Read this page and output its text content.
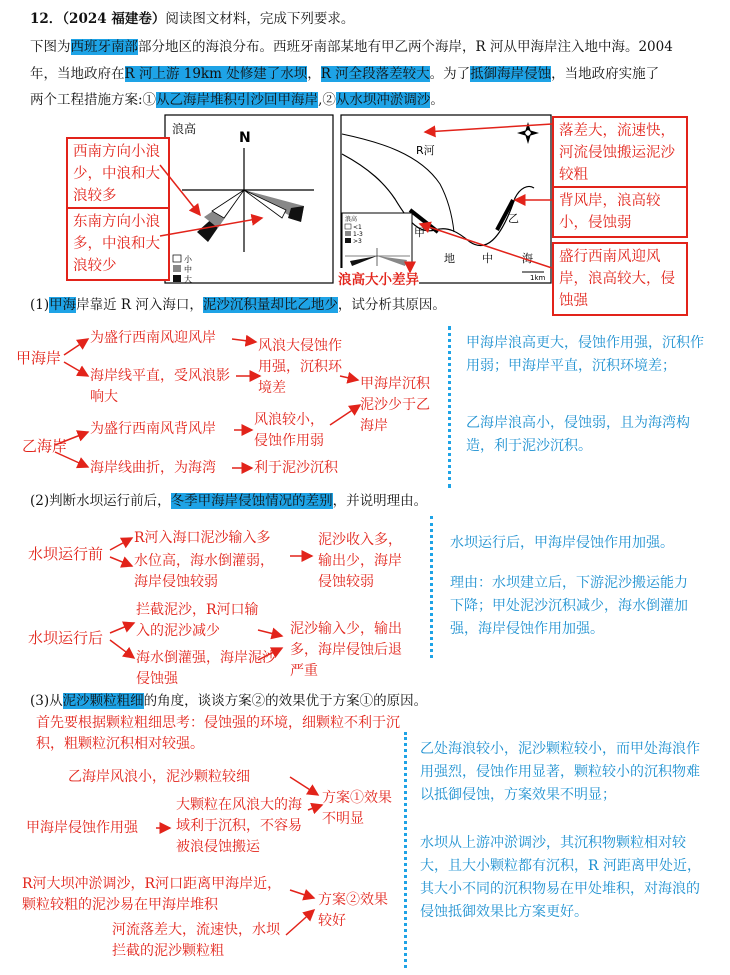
12．（2024 福建卷）阅读图文材料，完成下列要求。
下图为西班牙南部部分地区的海浪分布。西班牙南部某地有甲乙两个海岸，R 河从甲海岸注入地中海。2004
年，当地政府在R 河上游 19km 处修建了水坝，R 河全段落差较大。为了抵御海岸侵蚀，当地政府实施了
两个工程措施方案:①从乙海岸堆积引沙回甲海岸,②从水坝冲淤调沙。
浪高
N
小
中
大
R河
乙
甲
地 中	海
1km
浪高
<1
1-3
>3
浪高大小差异
西南方向小浪少，中浪和大浪较多
东南方向小浪多，中浪和大浪较少
落差大，流速快，河流侵蚀搬运泥沙较粗
背风岸，浪高较小，侵蚀弱
盛行西南风迎风岸，浪高较大，侵蚀强
(1)甲海岸靠近 R 河入海口，泥沙沉积量却比乙地少，试分析其原因。
甲海岸
为盛行西南风迎风岸	风浪大侵蚀作用强，沉积环境差
海岸线平直，受风浪影响大
甲海岸沉积泥沙少于乙海岸
乙海岸
为盛行西南风背风岸
风浪较小，侵蚀作用弱
海岸线曲折，为海湾	利于泥沙沉积
甲海岸浪高更大，侵蚀作用强，沉积作用弱；甲海岸平直，沉积环境差；
乙海岸浪高小，侵蚀弱，且为海湾构造，利于泥沙沉积。
(2)判断水坝运行前后，冬季甲海岸侵蚀情况的差别，并说明理由。
水坝运行前
R河入海口泥沙输入多
水位高，海水倒灌弱，海岸侵蚀较弱
泥沙收入多，输出少，海岸侵蚀较弱
水坝运行后
拦截泥沙，R河口输入的泥沙减少
海水倒灌强，海岸泥沙侵蚀强
泥沙输入少，输出多，海岸侵蚀后退严重
水坝运行后，甲海岸侵蚀作用加强。
理由：水坝建立后，下游泥沙搬运能力下降；甲处泥沙沉积减少，海水倒灌加强，海岸侵蚀作用加强。
(3)从泥沙颗粒粗细的角度，谈谈方案②的效果优于方案①的原因。
首先要根据颗粒粗细思考：侵蚀强的环境，细颗粒不利于沉积，粗颗粒沉积相对较强。
乙海岸风浪小，泥沙颗粒较细
大颗粒在风浪大的海域利于沉积，不容易被浪侵蚀搬运
甲海岸侵蚀作用强
方案①效果不明显
R河大坝冲淤调沙，R河口距离甲海岸近，颗粒较粗的泥沙易在甲海岸堆积
河流落差大，流速快，水坝拦截的泥沙颗粒粗
方案②效果较好
乙处海浪较小，泥沙颗粒较小，而甲处海浪作用强烈，侵蚀作用显著，颗粒较小的沉积物难以抵御侵蚀，方案效果不明显；
水坝从上游冲淤调沙，其沉积物颗粒相对较大，且大小颗粒都有沉积，R 河距离甲处近，其大小不同的沉积物易在甲处堆积，对海浪的侵蚀抵御效果比方案更好。
